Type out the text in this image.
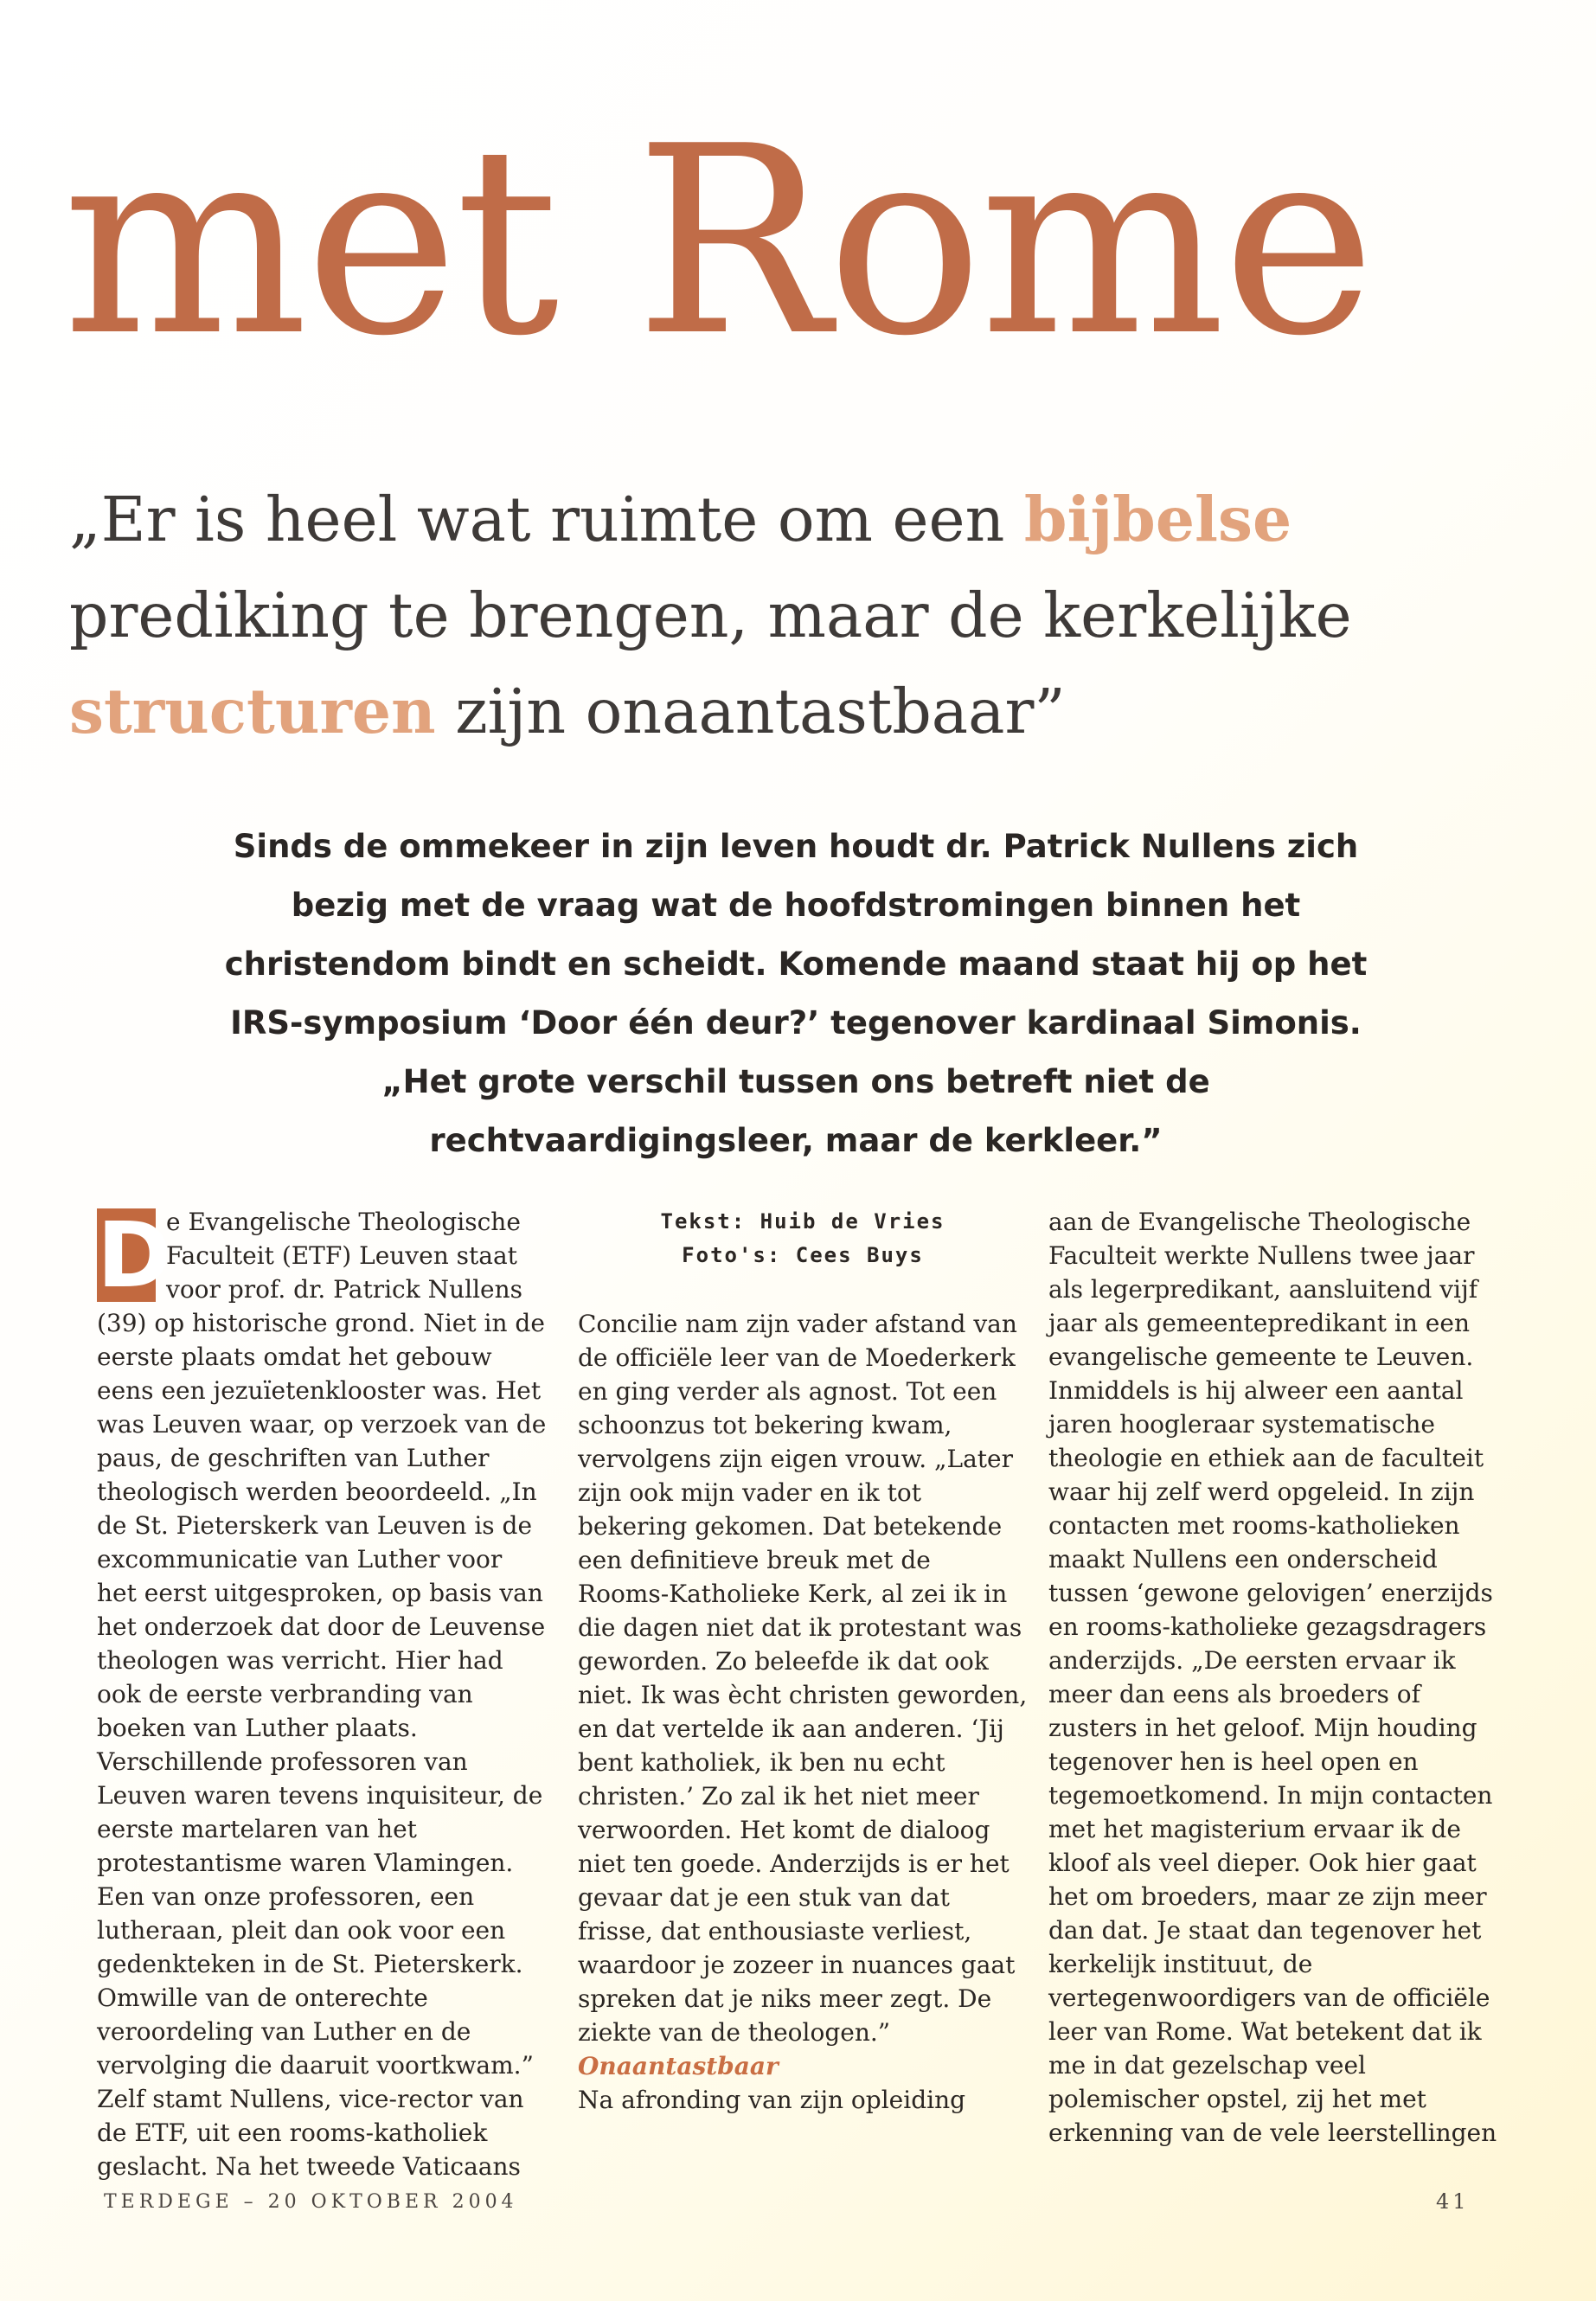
met Rome
„Er is heel wat ruimte om een bijbelse prediking te brengen, maar de kerkelijke structuren zijn onaantastbaar”

Sinds de ommekeer in zijn leven houdt dr. Patrick Nullens zich bezig met de vraag wat de hoofdstromingen binnen het christendom bindt en scheidt. Komende maand staat hij op het IRS-symposium ‘Door één deur?’ tegenover kardinaal Simonis. „Het grote verschil tussen ons betreft niet de rechtvaardigingsleer, maar de kerkleer.”

D

e Evangelische Theologische Faculteit (ETF) Leuven staat voor prof. dr. Patrick Nullens (39) op historische grond. Niet in de eerste plaats omdat het gebouw eens een jezuïetenklooster was. Het was Leuven waar, op verzoek van de paus, de geschriften van Luther theologisch werden beoordeeld. „In de St. Pieterskerk van Leuven is de excommunicatie van Luther voor het eerst uitgesproken, op basis van het onderzoek dat door de Leuvense theologen was verricht. Hier had ook de eerste verbranding van boeken van Luther plaats. Verschillende professoren van Leuven waren tevens inquisiteur, de eerste martelaren van het protestantisme waren Vlamingen. Een van onze professoren, een lutheraan, pleit dan ook voor een gedenkteken in de St. Pieterskerk. Omwille van de onterechte veroordeling van Luther en de vervolging die daaruit voortkwam.” Zelf stamt Nullens, vice-rector van de ETF, uit een rooms-katholiek geslacht. Na het tweede Vaticaans

Tekst: Huib de Vries
Foto's: Cees Buys

Concilie nam zijn vader afstand van de officiële leer van de Moederkerk en ging verder als agnost. Tot een schoonzus tot bekering kwam, vervolgens zijn eigen vrouw. „Later zijn ook mijn vader en ik tot bekering gekomen. Dat betekende een definitieve breuk met de Rooms-Katholieke Kerk, al zei ik in die dagen niet dat ik protestant was geworden. Zo beleefde ik dat ook niet. Ik was ècht christen geworden, en dat vertelde ik aan anderen. ‘Jij bent katholiek, ik ben nu echt christen.’ Zo zal ik het niet meer verwoorden. Het komt de dialoog niet ten goede. Anderzijds is er het gevaar dat je een stuk van dat frisse, dat enthousiaste verliest, waardoor je zozeer in nuances gaat spreken dat je niks meer zegt. De ziekte van de theologen.”

Onaantastbaar

Na afronding van zijn opleiding

aan de Evangelische Theologische Faculteit werkte Nullens twee jaar als legerpredikant, aansluitend vijf jaar als gemeentepredikant in een evangelische gemeente te Leuven. Inmiddels is hij alweer een aantal jaren hoogleraar systematische theologie en ethiek aan de faculteit waar hij zelf werd opgeleid. In zijn contacten met rooms-katholieken maakt Nullens een onderscheid tussen ‘gewone gelovigen’ enerzijds en rooms-katholieke gezagsdragers anderzijds. „De eersten ervaar ik meer dan eens als broeders of zusters in het geloof. Mijn houding tegenover hen is heel open en tegemoetkomend. In mijn contacten met het magisterium ervaar ik de kloof als veel dieper. Ook hier gaat het om broeders, maar ze zijn meer dan dat. Je staat dan tegenover het kerkelijk instituut, de vertegenwoordigers van de officiële leer van Rome. Wat betekent dat ik me in dat gezelschap veel polemischer opstel, zij het met erkenning van de vele leerstellingen

TERDEGE – 20 OKTOBER 2004	41
